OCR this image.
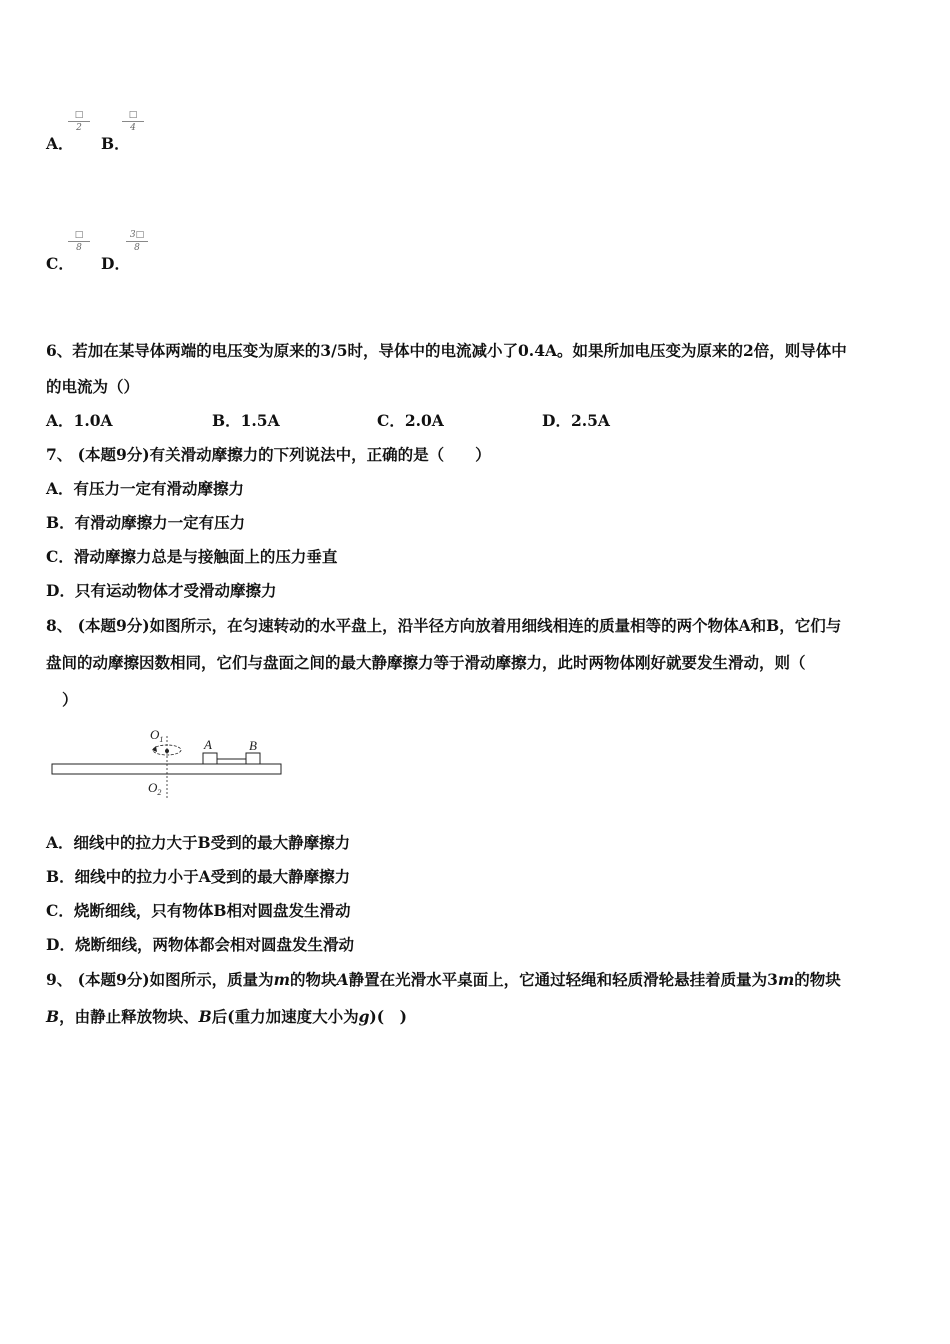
A．
□
2
B．
□
4
C．
□
8
D．
$\frac{3□}{8}$
6、若加在某导体两端的电压变为原来的3/5时，导体中的电流减小了0.4A。如果所加电压变为原来的2倍，则导体中
的电流为（）
A．1.0A	B．1.5A	C．2.0A	D．2.5A
7、 (本题9分)有关滑动摩擦力的下列说法中，正确的是（　　）
A．有压力一定有滑动摩擦力
B．有滑动摩擦力一定有压力
C．滑动摩擦力总是与接触面上的压力垂直
D．只有运动物体才受滑动摩擦力
8、 (本题9分)如图所示，在匀速转动的水平盘上，沿半径方向放着用细线相连的质量相等的两个物体A和B，它们与
盘间的动摩擦因数相同，它们与盘面之间的最大静摩擦力等于滑动摩擦力，此时两物体刚好就要发生滑动，则（
）
$O_1$	A	B
$O_2$
A．细线中的拉力大于B受到的最大静摩擦力
B．细线中的拉力小于A受到的最大静摩擦力
C．烧断细线，只有物体B相对圆盘发生滑动
D．烧断细线，两物体都会相对圆盘发生滑动
9、 (本题9分)如图所示，质量为m的物块A静置在光滑水平桌面上，它通过轻绳和轻质滑轮悬挂着质量为3m的物块
B，由静止释放物块、B后(重力加速度大小为g)(　)
